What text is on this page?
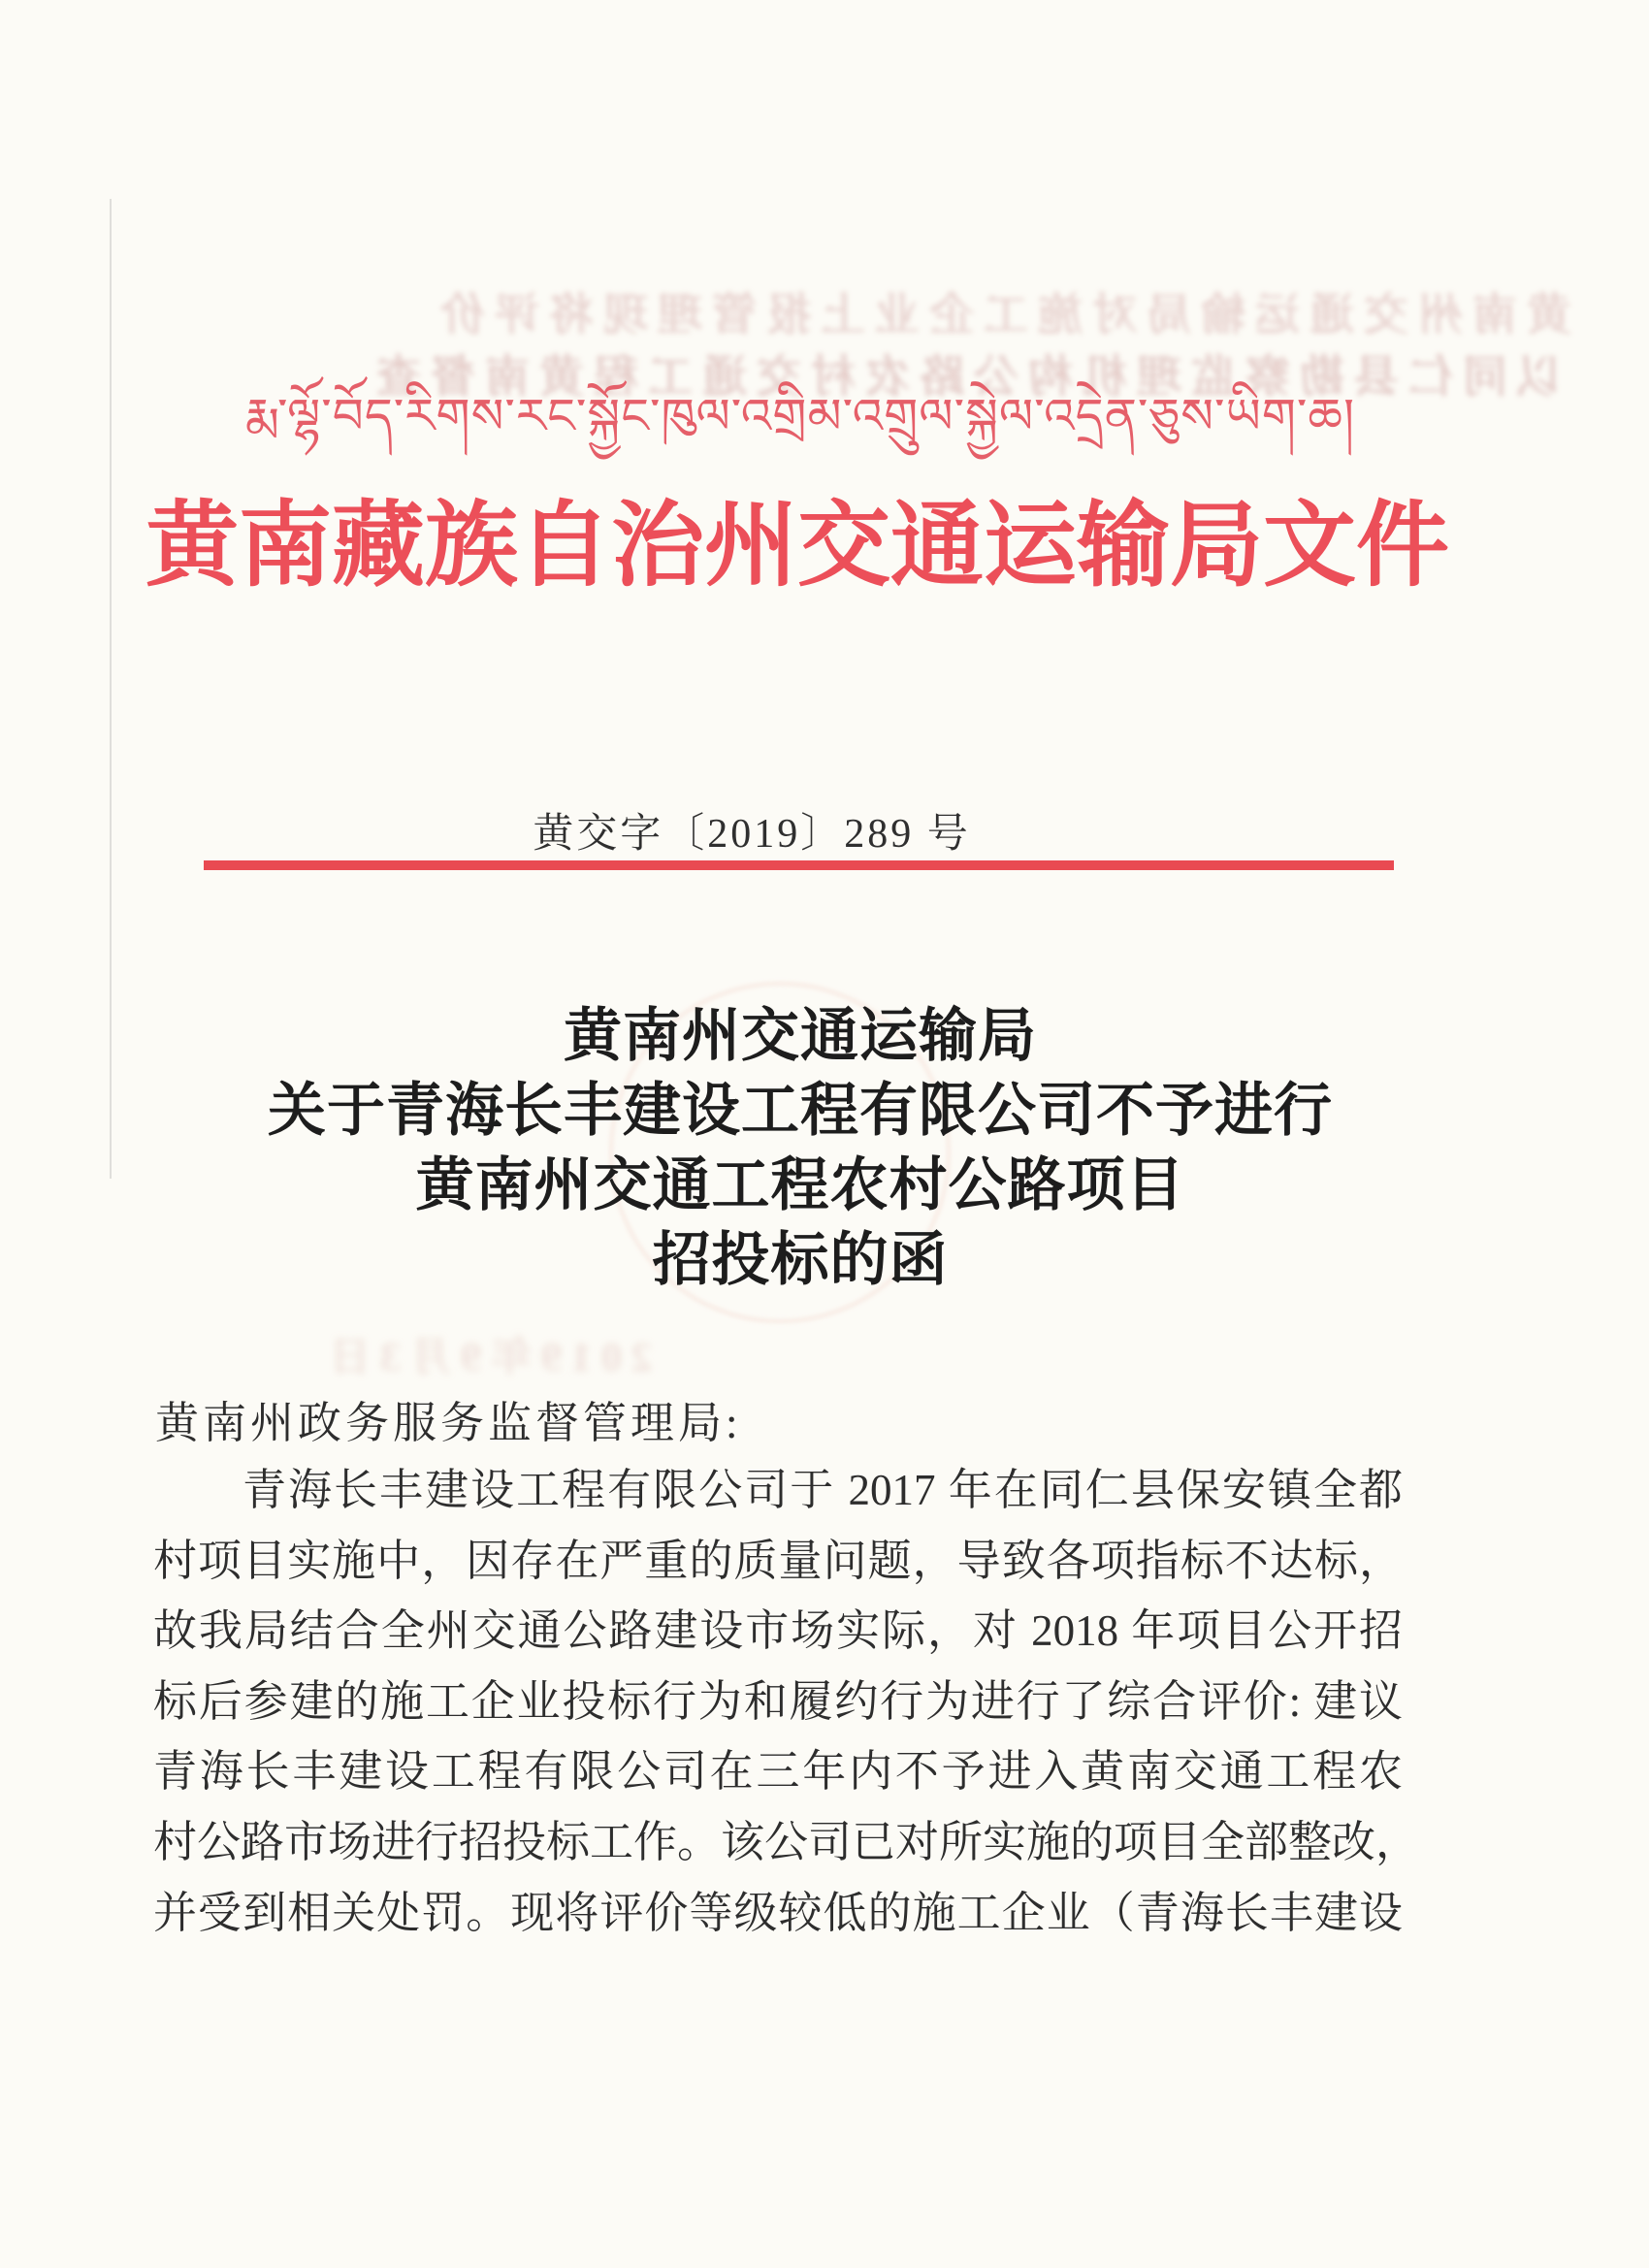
黄南州交通运输局对施工企业上报管理现将评价
以同仁县勘察监理机构公路农村交通工程黄南督查
2019年9月3日
རྨ་ལྷོ་བོད་རིགས་རང་སྐྱོང་ཁུལ་འགྲིམ་འགྲུལ་སྐྱེལ་འདྲེན་ཅུས་ཡིག་ཆ།
黄南藏族自治州交通运输局文件
黄交字〔2019〕289 号
黄南州交通运输局
关于青海长丰建设工程有限公司不予进行
黄南州交通工程农村公路项目
招投标的函
黄南州政务服务监督管理局:
青海长丰建设工程有限公司于 2017 年在同仁县保安镇全都
村项目实施中，因存在严重的质量问题，导致各项指标不达标，
故我局结合全州交通公路建设市场实际，对 2018 年项目公开招
标后参建的施工企业投标行为和履约行为进行了综合评价: 建议
青海长丰建设工程有限公司在三年内不予进入黄南交通工程农
村公路市场进行招投标工作。该公司已对所实施的项目全部整改，
并受到相关处罚。现将评价等级较低的施工企业（青海长丰建设
